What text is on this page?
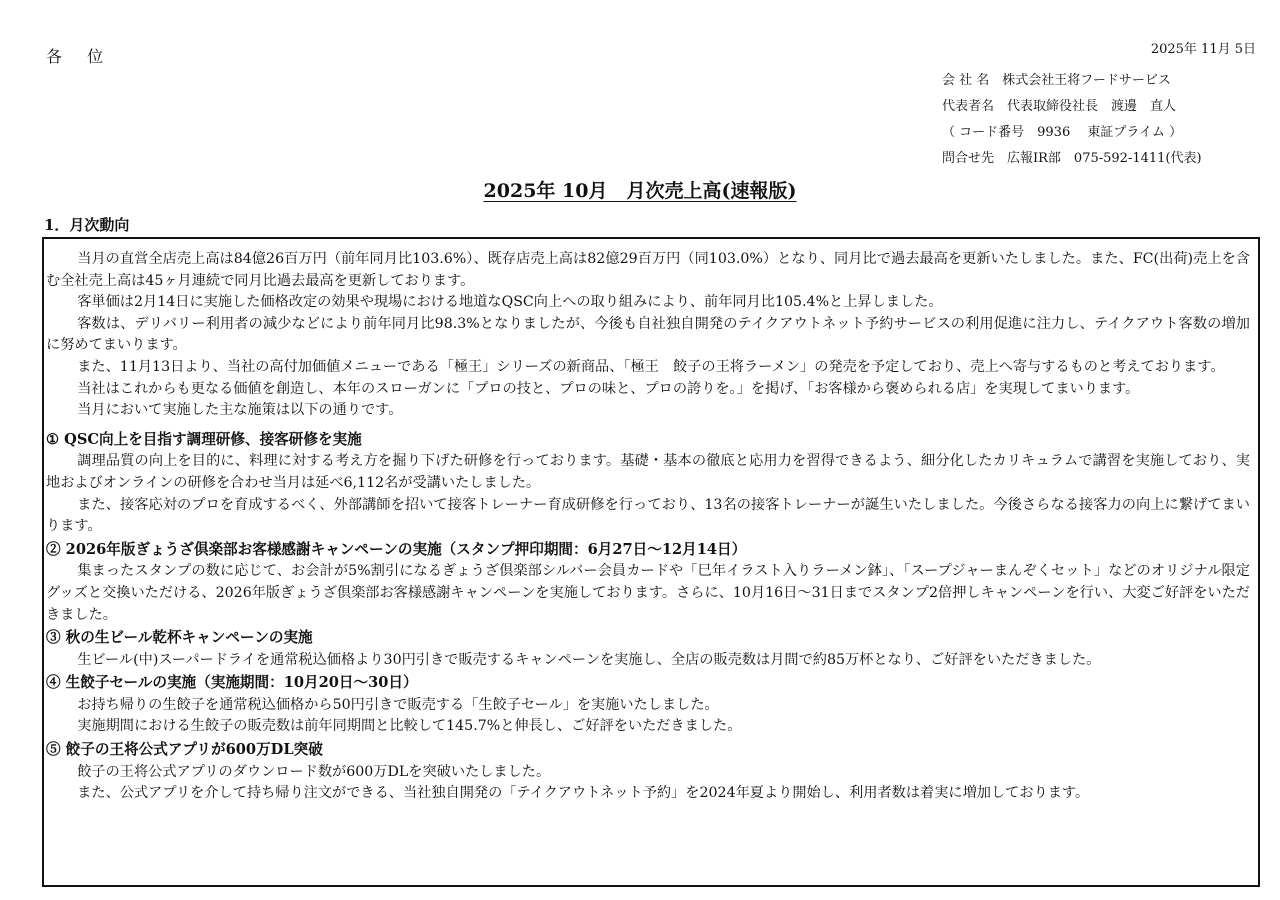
各 位	2025年 11月 5日
会 社 名　株式会社王将フードサービス
代表者名　代表取締役社長　渡邊　直人
（ コード番号　9936　 東証プライム ）
問合せ先　広報IR部　075-592-1411(代表)
2025年 10月　月次売上高(速報版)
1．月次動向

当月の直営全店売上高は84億26百万円（前年同月比103.6%）、既存店売上高は82億29百万円（同103.0%）となり、同月比で過去最高を更新いたしました。また、FC(出荷)売上を含む全社売上高は45ヶ月連続で同月比過去最高を更新しております。

客単価は2月14日に実施した価格改定の効果や現場における地道なQSC向上への取り組みにより、前年同月比105.4%と上昇しました。

客数は、デリバリー利用者の減少などにより前年同月比98.3%となりましたが、今後も自社独自開発のテイクアウトネット予約サービスの利用促進に注力し、テイクアウト客数の増加に努めてまいります。

また、11月13日より、当社の高付加価値メニューである「極王」シリーズの新商品、「極王　餃子の王将ラーメン」の発売を予定しており、売上へ寄与するものと考えております。

当社はこれからも更なる価値を創造し、本年のスローガンに「プロの技と、プロの味と、プロの誇りを。」を掲げ、「お客様から褒められる店」を実現してまいります。

当月において実施した主な施策は以下の通りです。

① QSC向上を目指す調理研修、接客研修を実施

調理品質の向上を目的に、料理に対する考え方を掘り下げた研修を行っております。基礎・基本の徹底と応用力を習得できるよう、細分化したカリキュラムで講習を実施しており、実地およびオンラインの研修を合わせ当月は延べ6,112名が受講いたしました。

また、接客応対のプロを育成するべく、外部講師を招いて接客トレーナー育成研修を行っており、13名の接客トレーナーが誕生いたしました。今後さらなる接客力の向上に繋げてまいります。

② 2026年版ぎょうざ倶楽部お客様感謝キャンペーンの実施（スタンプ押印期間：6月27日～12月14日）

集まったスタンプの数に応じて、お会計が5%割引になるぎょうざ倶楽部シルバー会員カードや「巳年イラスト入りラーメン鉢」、「スープジャーまんぞくセット」などのオリジナル限定グッズと交換いただける、2026年版ぎょうざ倶楽部お客様感謝キャンペーンを実施しております。さらに、10月16日～31日までスタンプ2倍押しキャンペーンを行い、大変ご好評をいただきました。

③ 秋の生ビール乾杯キャンペーンの実施

生ビール(中)スーパードライを通常税込価格より30円引きで販売するキャンペーンを実施し、全店の販売数は月間で約85万杯となり、ご好評をいただきました。

④ 生餃子セールの実施（実施期間：10月20日～30日）

お持ち帰りの生餃子を通常税込価格から50円引きで販売する「生餃子セール」を実施いたしました。

実施期間における生餃子の販売数は前年同期間と比較して145.7%と伸長し、ご好評をいただきました。

⑤ 餃子の王将公式アプリが600万DL突破

餃子の王将公式アプリのダウンロード数が600万DLを突破いたしました。

また、公式アプリを介して持ち帰り注文ができる、当社独自開発の「テイクアウトネット予約」を2024年夏より開始し、利用者数は着実に増加しております。
